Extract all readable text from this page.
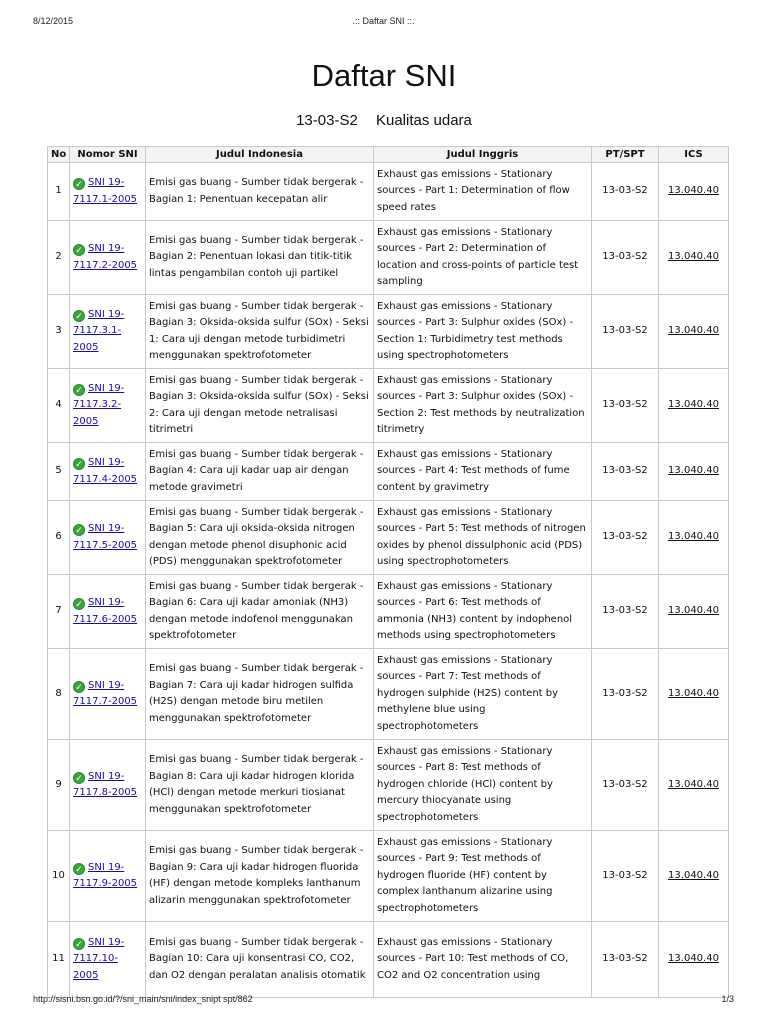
8/12/2015	.:: Daftar SNI ::.
Daftar SNI
13-03-S2 Kualitas udara
No	Nomor SNI	Judul Indonesia	Judul Inggris	PT/SPT	ICS
1	✓SNI 19-7117.1-2005	Emisi gas buang - Sumber tidak bergerak - Bagian 1: Penentuan kecepatan alir	Exhaust gas emissions - Stationary sources - Part 1: Determination of flow speed rates	13-03-S2	13.040.40
2	✓SNI 19-7117.2-2005	Emisi gas buang - Sumber tidak bergerak - Bagian 2: Penentuan lokasi dan titik-titik lintas pengambilan contoh uji partikel	Exhaust gas emissions - Stationary sources - Part 2: Determination of location and cross-points of particle test sampling	13-03-S2	13.040.40
3	✓SNI 19-7117.3.1-2005	Emisi gas buang - Sumber tidak bergerak - Bagian 3: Oksida-oksida sulfur (SOx) - Seksi 1: Cara uji dengan metode turbidimetri menggunakan spektrofotometer	Exhaust gas emissions - Stationary sources - Part 3: Sulphur oxides (SOx) - Section 1: Turbidimetry test methods using spectrophotometers	13-03-S2	13.040.40
4	✓SNI 19-7117.3.2-2005	Emisi gas buang - Sumber tidak bergerak - Bagian 3: Oksida-oksida sulfur (SOx) - Seksi 2: Cara uji dengan metode netralisasi titrimetri	Exhaust gas emissions - Stationary sources - Part 3: Sulphur oxides (SOx) - Section 2: Test methods by neutralization titrimetry	13-03-S2	13.040.40
5	✓SNI 19-7117.4-2005	Emisi gas buang - Sumber tidak bergerak - Bagian 4: Cara uji kadar uap air dengan metode gravimetri	Exhaust gas emissions - Stationary sources - Part 4: Test methods of fume content by gravimetry	13-03-S2	13.040.40
6	✓SNI 19-7117.5-2005	Emisi gas buang - Sumber tidak bergerak - Bagian 5: Cara uji oksida-oksida nitrogen dengan metode phenol disuphonic acid (PDS) menggunakan spektrofotometer	Exhaust gas emissions - Stationary sources - Part 5: Test methods of nitrogen oxides by phenol dissulphonic acid (PDS) using spectrophotometers	13-03-S2	13.040.40
7	✓SNI 19-7117.6-2005	Emisi gas buang - Sumber tidak bergerak - Bagian 6: Cara uji kadar amoniak (NH3) dengan metode indofenol menggunakan spektrofotometer	Exhaust gas emissions - Stationary sources - Part 6: Test methods of ammonia (NH3) content by indophenol methods using spectrophotometers	13-03-S2	13.040.40
8	✓SNI 19-7117.7-2005	Emisi gas buang - Sumber tidak bergerak - Bagian 7: Cara uji kadar hidrogen sulfida (H2S) dengan metode biru metilen menggunakan spektrofotometer	Exhaust gas emissions - Stationary sources - Part 7: Test methods of hydrogen sulphide (H2S) content by methylene blue using spectrophotometers	13-03-S2	13.040.40
9	✓SNI 19-7117.8-2005	Emisi gas buang - Sumber tidak bergerak - Bagian 8: Cara uji kadar hidrogen klorida (HCl) dengan metode merkuri tiosianat menggunakan spektrofotometer	Exhaust gas emissions - Stationary sources - Part 8: Test methods of hydrogen chloride (HCl) content by mercury thiocyanate using spectrophotometers	13-03-S2	13.040.40
10	✓SNI 19-7117.9-2005	Emisi gas buang - Sumber tidak bergerak - Bagian 9: Cara uji kadar hidrogen fluorida (HF) dengan metode kompleks lanthanum alizarin menggunakan spektrofotometer	Exhaust gas emissions - Stationary sources - Part 9: Test methods of hydrogen fluoride (HF) content by complex lanthanum alizarine using spectrophotometers	13-03-S2	13.040.40
11	✓SNI 19-7117.10-2005	Emisi gas buang - Sumber tidak bergerak - Bagian 10: Cara uji konsentrasi CO, CO2, dan O2 dengan peralatan analisis otomatik	Exhaust gas emissions - Stationary sources - Part 10: Test methods of CO, CO2 and O2 concentration using	13-03-S2	13.040.40
http://sisni.bsn.go.id/?/sni_main/sni/index_snipt spt/862	1/3
